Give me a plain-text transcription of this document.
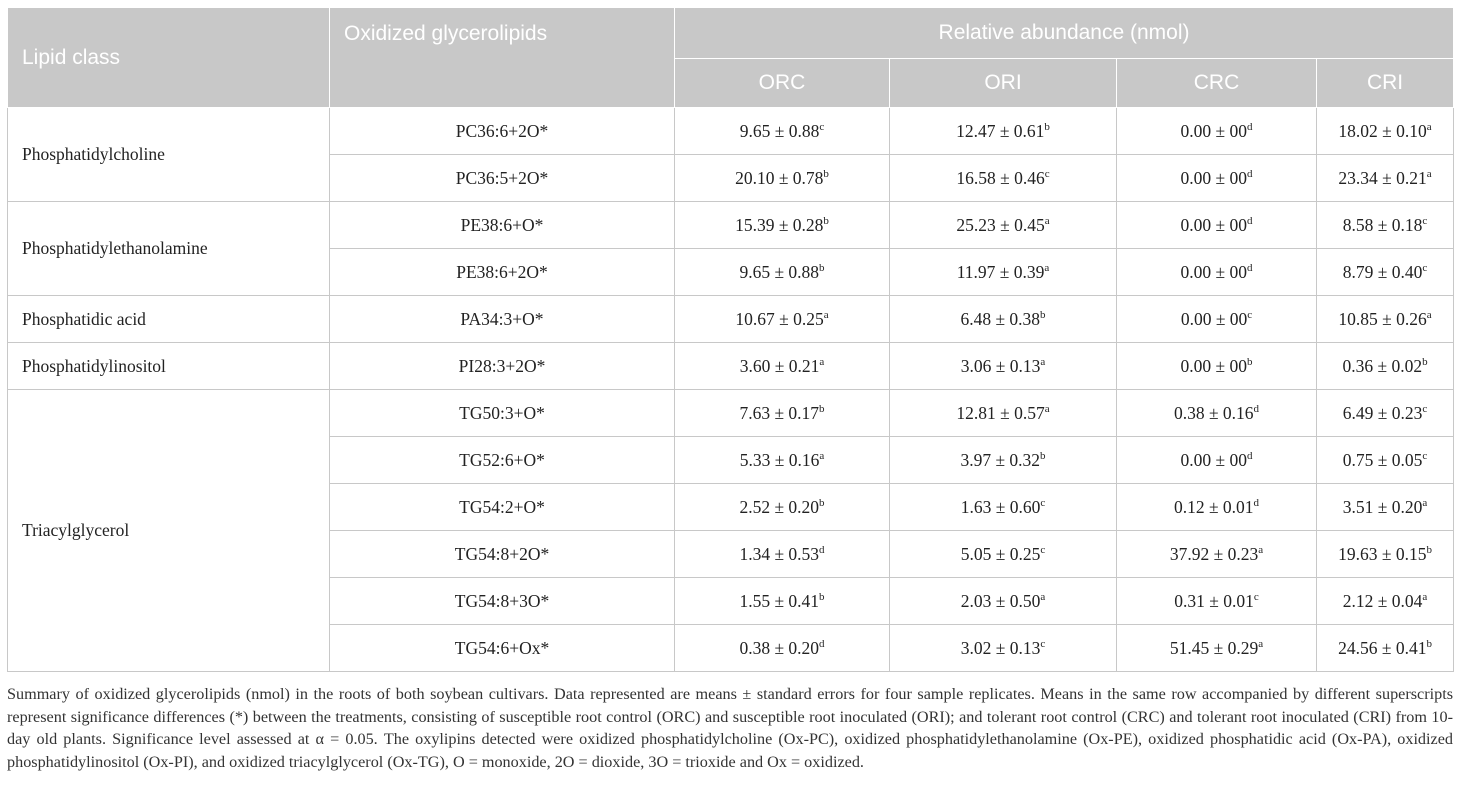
Lipid class	Oxidized glycerolipids	Relative abundance (nmol)			
		ORC	ORI	CRC	CRI
Phosphatidylcholine	PC36:6+2O*	9.65 ± 0.88$^c$	12.47 ± 0.61$^b$	$0.00 \pm 00^d$	18.02 ± 0.10$^a$
	PC36:5+2O*	20.10 ± 0.78$^b$	16.58 ± 0.46$^c$	$0.00 \pm 00^d$	23.34 ± 0.21$^a$
Phosphatidylethanolamine	PE38:6+O*	15.39 ± 0.28$^b$	25.23 ± 0.45$^a$	$0.00 \pm 00^d$	8.58 ± 0.18$^c$
	PE38:6+2O*	9.65 ± 0.88$^b$	11.97 ± 0.39$^a$	$0.00 \pm 00^d$	8.79 ± 0.40$^c$
Phosphatidic acid	PA34:3+O*	10.67 ± 0.25$^a$	6.48 ± 0.38$^b$	$0.00 \pm 00^c$	10.85 ± 0.26$^a$
Phosphatidylinositol	PI28:3+2O*	3.60 ± 0.21$^a$	3.06 ± 0.13$^a$	$0.00 \pm 00^b$	0.36 ± 0.02$^b$
Triacylglycerol	TG50:3+O*	7.63 ± 0.17$^b$	12.81 ± 0.57$^a$	0.38 ± 0.16$^d$	6.49 ± 0.23$^c$
	TG52:6+O*	5.33 ± 0.16$^a$	3.97 ± 0.32$^b$	$0.00 \pm 00^d$	0.75 ± 0.05$^c$
	TG54:2+O*	2.52 ± 0.20$^b$	1.63 ± 0.60$^c$	0.12 ± 0.01$^d$	3.51 ± 0.20$^a$
	TG54:8+2O*	1.34 ± 0.53$^d$	5.05 ± 0.25$^c$	37.92 ± 0.23$^a$	19.63 ± 0.15$^b$
	TG54:8+3O*	1.55 ± 0.41$^b$	2.03 ± 0.50$^a$	0.31 ± 0.01$^c$	2.12 ± 0.04$^a$
	TG54:6+Ox*	0.38 ± 0.20$^d$	3.02 ± 0.13$^c$	51.45 ± 0.29$^a$	24.56 ± 0.41$^b$

Summary of oxidized glycerolipids (nmol) in the roots of both soybean cultivars. Data represented are means ± standard errors for four sample replicates. Means in the same row accompanied by different superscripts represent significance differences (*) between the treatments, consisting of susceptible root control (ORC) and susceptible root inoculated (ORI); and tolerant root control (CRC) and tolerant root inoculated (CRI) from 10-day old plants. Significance level assessed at α = 0.05. The oxylipins detected were oxidized phosphatidylcholine (Ox-PC), oxidized phosphatidylethanolamine (Ox-PE), oxidized phosphatidic acid (Ox-PA), oxidized phosphatidylinositol (Ox-PI), and oxidized triacylglycerol (Ox-TG), O = monoxide, 2O = dioxide, 3O = trioxide and Ox = oxidized.
